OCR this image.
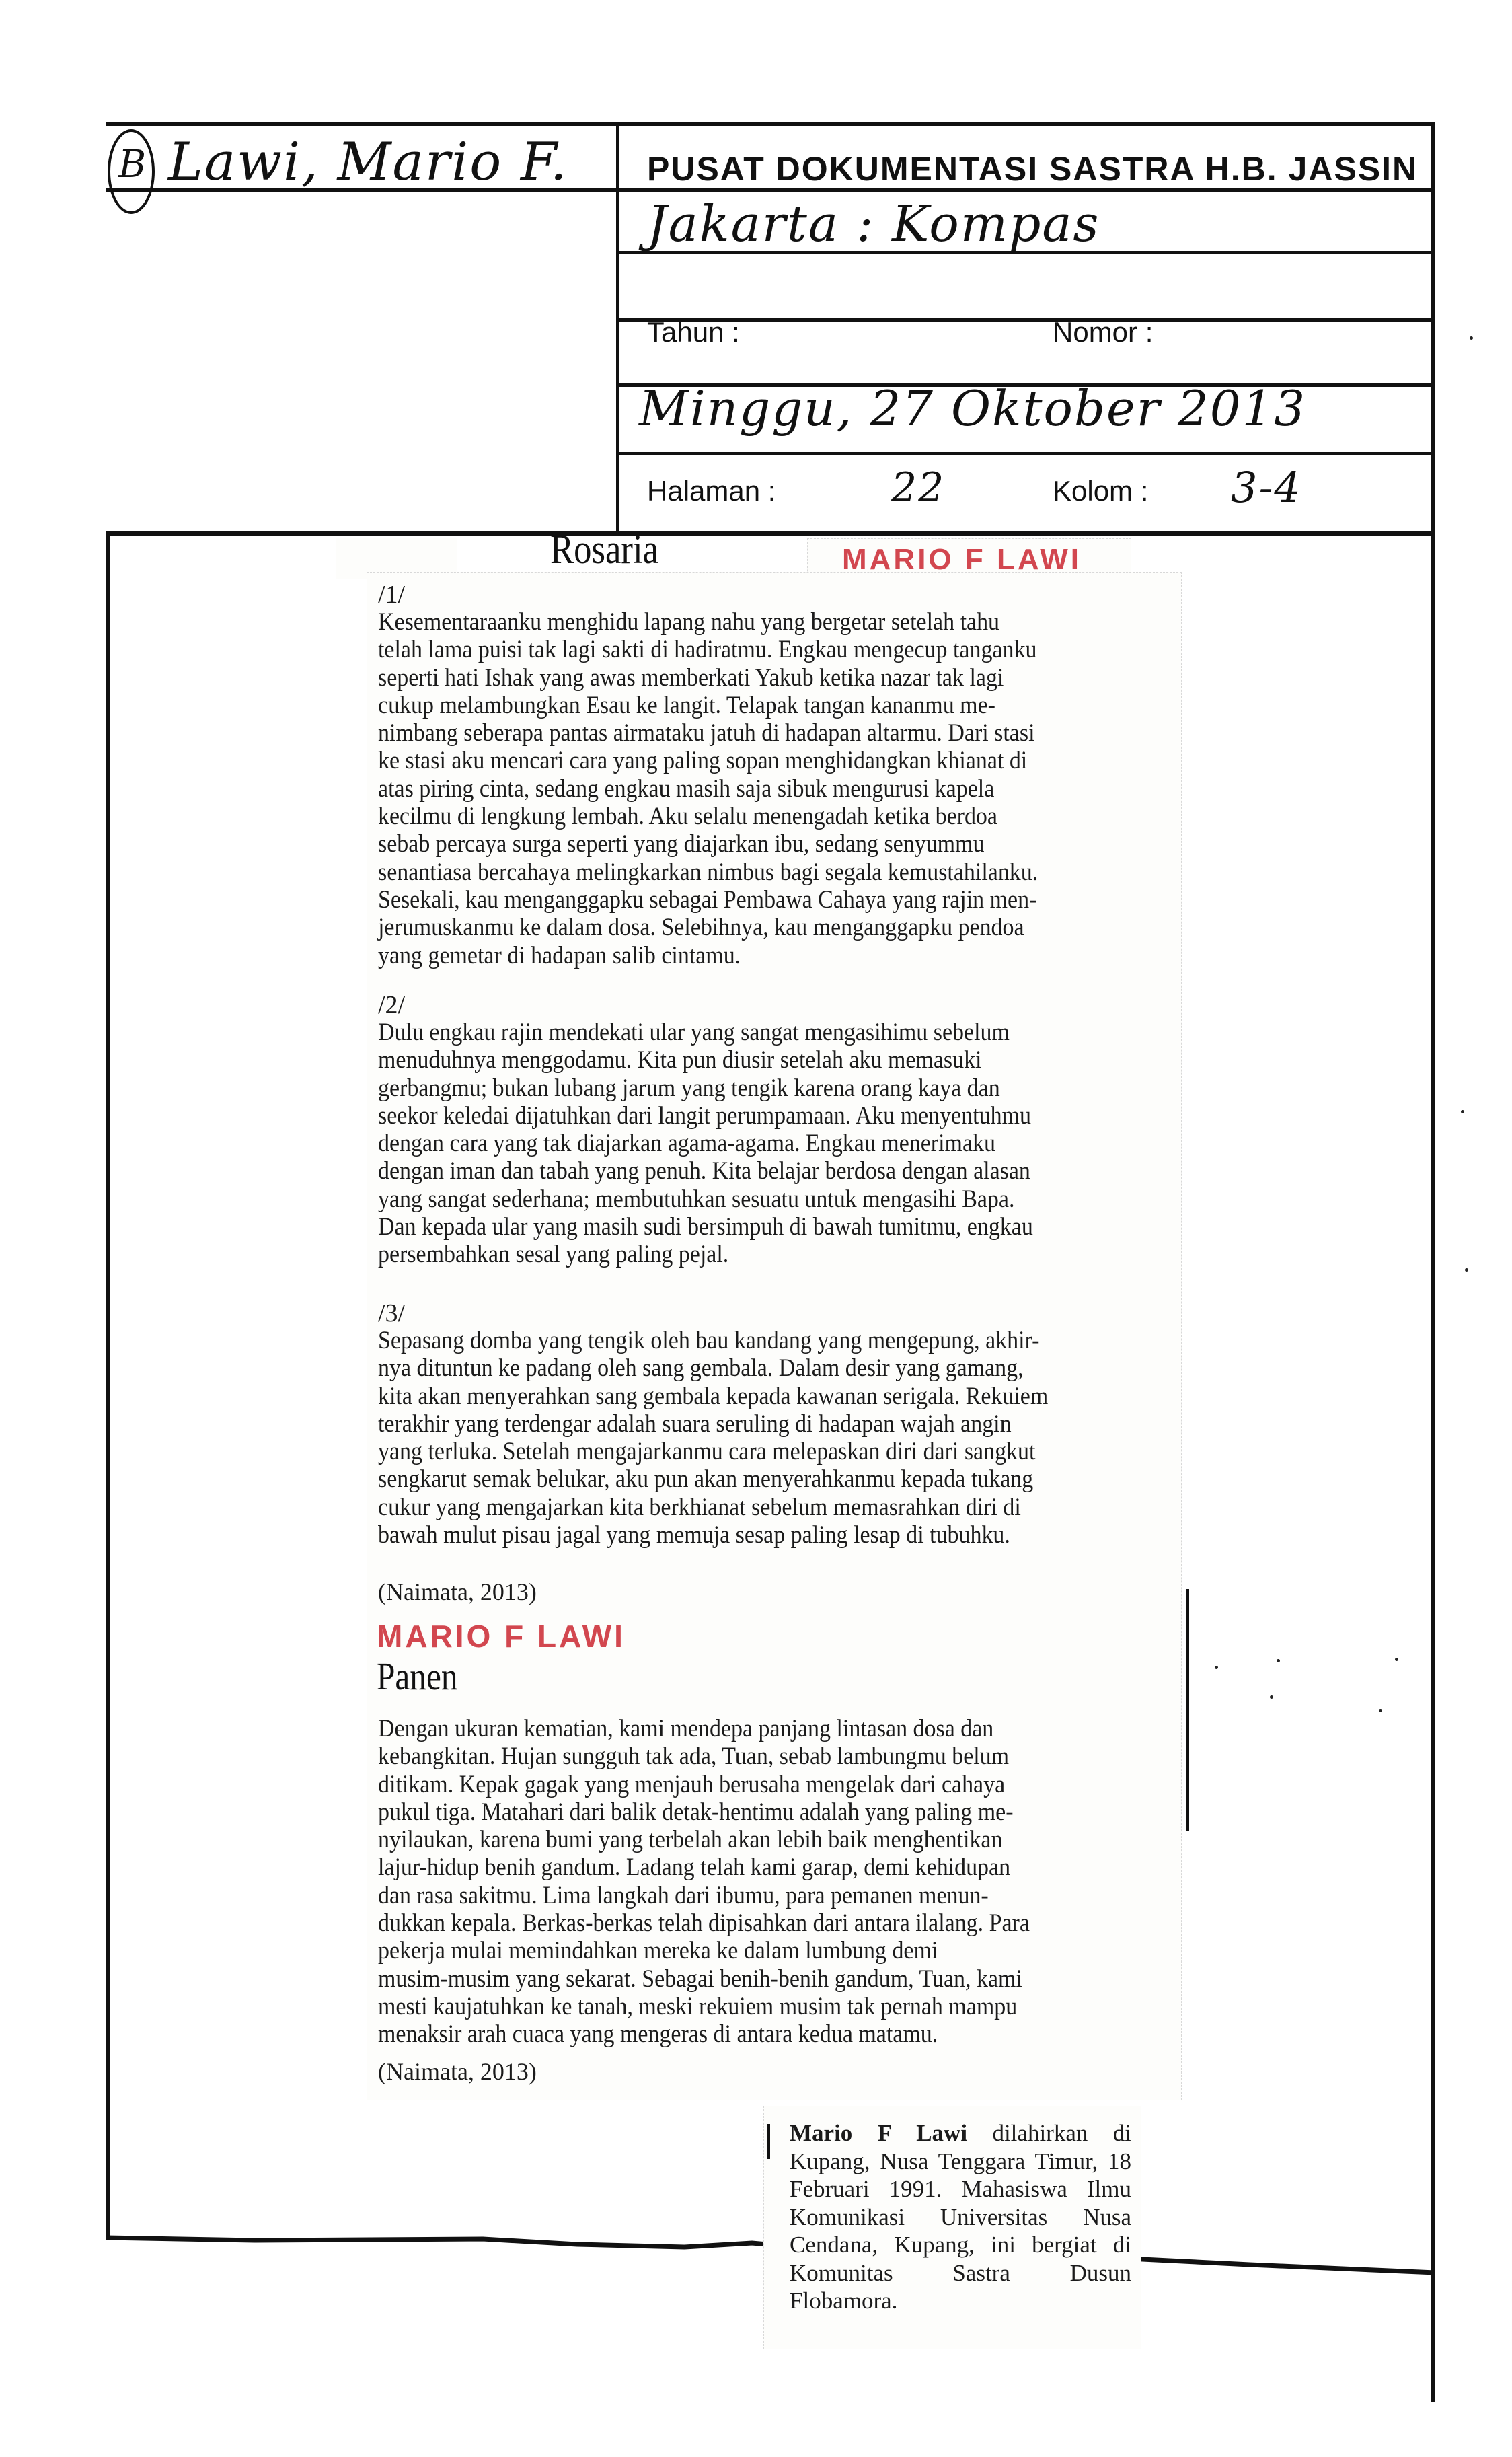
B Lawi, Mario F. PUSAT DOKUMENTASI SASTRA H.B. JASSIN
Jakarta : Kompas
Tahun :	Nomor :
Minggu, 27 Oktober 2013
Halaman :	22	Kolom : 3-4
Rosaria	MARIO F LAWI
/1/

Kesementaraanku menghidu lapang nahu yang bergetar setelah tahu

telah lama puisi tak lagi sakti di hadiratmu. Engkau mengecup tanganku

seperti hati Ishak yang awas memberkati Yakub ketika nazar tak lagi

cukup melambungkan Esau ke langit. Telapak tangan kananmu me-

nimbang seberapa pantas airmataku jatuh di hadapan altarmu. Dari stasi

ke stasi aku mencari cara yang paling sopan menghidangkan khianat di

atas piring cinta, sedang engkau masih saja sibuk mengurusi kapela

kecilmu di lengkung lembah. Aku selalu menengadah ketika berdoa

sebab percaya surga seperti yang diajarkan ibu, sedang senyummu

senantiasa bercahaya melingkarkan nimbus bagi segala kemustahilanku.

Sesekali, kau menganggapku sebagai Pembawa Cahaya yang rajin men-

jerumuskanmu ke dalam dosa. Selebihnya, kau menganggapku pendoa

yang gemetar di hadapan salib cintamu.

/2/

Dulu engkau rajin mendekati ular yang sangat mengasihimu sebelum

menuduhnya menggodamu. Kita pun diusir setelah aku memasuki

gerbangmu; bukan lubang jarum yang tengik karena orang kaya dan

seekor keledai dijatuhkan dari langit perumpamaan. Aku menyentuhmu

dengan cara yang tak diajarkan agama-agama. Engkau menerimaku

dengan iman dan tabah yang penuh. Kita belajar berdosa dengan alasan

yang sangat sederhana; membutuhkan sesuatu untuk mengasihi Bapa.

Dan kepada ular yang masih sudi bersimpuh di bawah tumitmu, engkau

persembahkan sesal yang paling pejal.

/3/

Sepasang domba yang tengik oleh bau kandang yang mengepung, akhir-

nya dituntun ke padang oleh sang gembala. Dalam desir yang gamang,

kita akan menyerahkan sang gembala kepada kawanan serigala. Rekuiem

terakhir yang terdengar adalah suara seruling di hadapan wajah angin

yang terluka. Setelah mengajarkanmu cara melepaskan diri dari sangkut

sengkarut semak belukar, aku pun akan menyerahkanmu kepada tukang

cukur yang mengajarkan kita berkhianat sebelum memasrahkan diri di

bawah mulut pisau jagal yang memuja sesap paling lesap di tubuhku.

(Naimata, 2013)
MARIO F LAWI
Panen

Dengan ukuran kematian, kami mendepa panjang lintasan dosa dan

kebangkitan. Hujan sungguh tak ada, Tuan, sebab lambungmu belum

ditikam. Kepak gagak yang menjauh berusaha mengelak dari cahaya

pukul tiga. Matahari dari balik detak-hentimu adalah yang paling me-

nyilaukan, karena bumi yang terbelah akan lebih baik menghentikan

lajur-hidup benih gandum. Ladang telah kami garap, demi kehidupan

dan rasa sakitmu. Lima langkah dari ibumu, para pemanen menun-

dukkan kepala. Berkas-berkas telah dipisahkan dari antara ilalang. Para

pekerja mulai memindahkan mereka ke dalam lumbung demi

musim-musim yang sekarat. Sebagai benih-benih gandum, Tuan, kami

mesti kaujatuhkan ke tanah, meski rekuiem musim tak pernah mampu

menaksir arah cuaca yang mengeras di antara kedua matamu.

(Naimata, 2013)
Mario F Lawi dilahirkan di Kupang, Nusa Tenggara Timur, 18 Februari 1991. Mahasiswa Ilmu Komunikasi Universitas Nusa Cendana, Kupang, ini bergiat di Komunitas Sastra Dusun Flobamora.
